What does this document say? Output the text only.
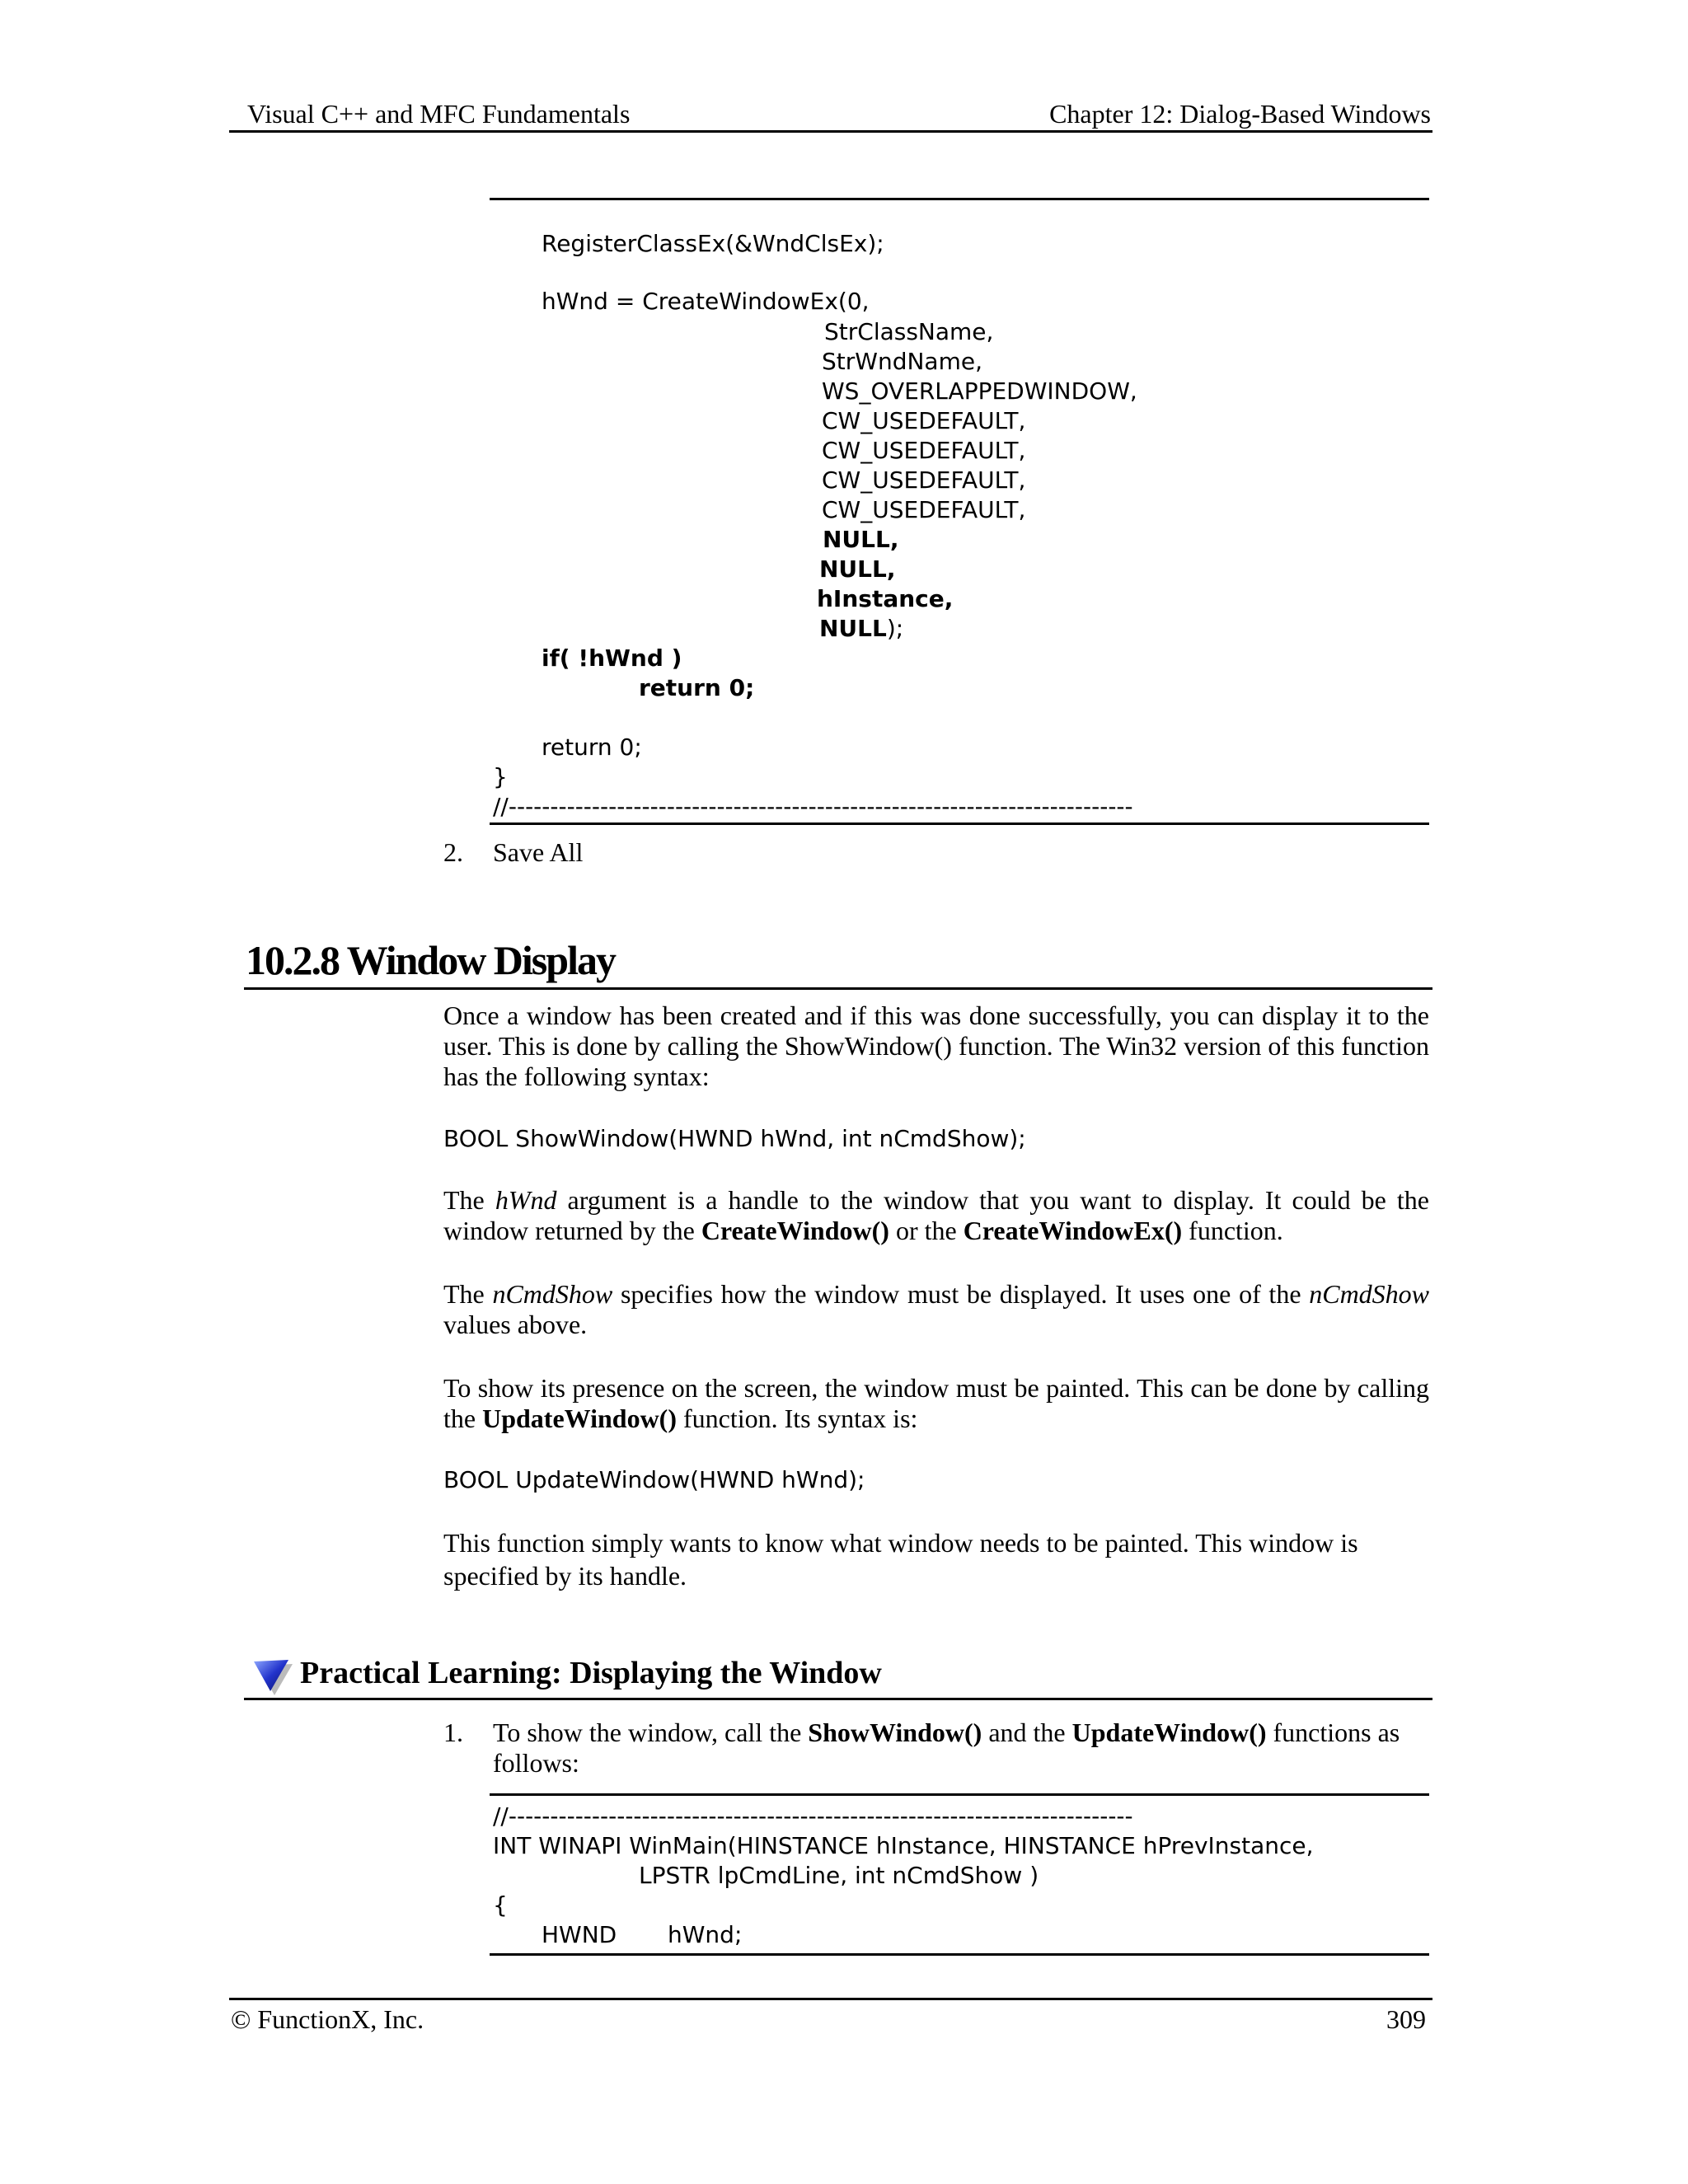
Visual C++ and MFC Fundamentals	Chapter 12: Dialog-Based Windows
RegisterClassEx(&WndClsEx);
hWnd = CreateWindowEx(0,
StrClassName,
StrWndName,
WS_OVERLAPPEDWINDOW,
CW_USEDEFAULT,
CW_USEDEFAULT,
CW_USEDEFAULT,
CW_USEDEFAULT,
NULL,
NULL,
hInstance,
NULL);
if( !hWnd )
return 0;
return 0;
}
//---------------------------------------------------------------------------
2. Save All
10.2.8 Window Display
Once a window has been created and if this was done successfully, you can display it to the user. This is done by calling the ShowWindow() function. The Win32 version of this function has the following syntax:
BOOL ShowWindow(HWND hWnd, int nCmdShow);
The hWnd argument is a handle to the window that you want to display. It could be the window returned by the CreateWindow() or the CreateWindowEx() function.
The nCmdShow specifies how the window must be displayed. It uses one of the nCmdShow values above.
To show its presence on the screen, the window must be painted. This can be done by calling the UpdateWindow() function. Its syntax is:
BOOL UpdateWindow(HWND hWnd);
This function simply wants to know what window needs to be painted. This window is specified by its handle.
Practical Learning: Displaying the Window
1. To show the window, call the ShowWindow() and the UpdateWindow() functions as follows:
//---------------------------------------------------------------------------
INT WINAPI WinMain(HINSTANCE hInstance, HINSTANCE hPrevInstance,
LPSTR lpCmdLine, int nCmdShow )
{
HWND hWnd;
© FunctionX, Inc.	309
